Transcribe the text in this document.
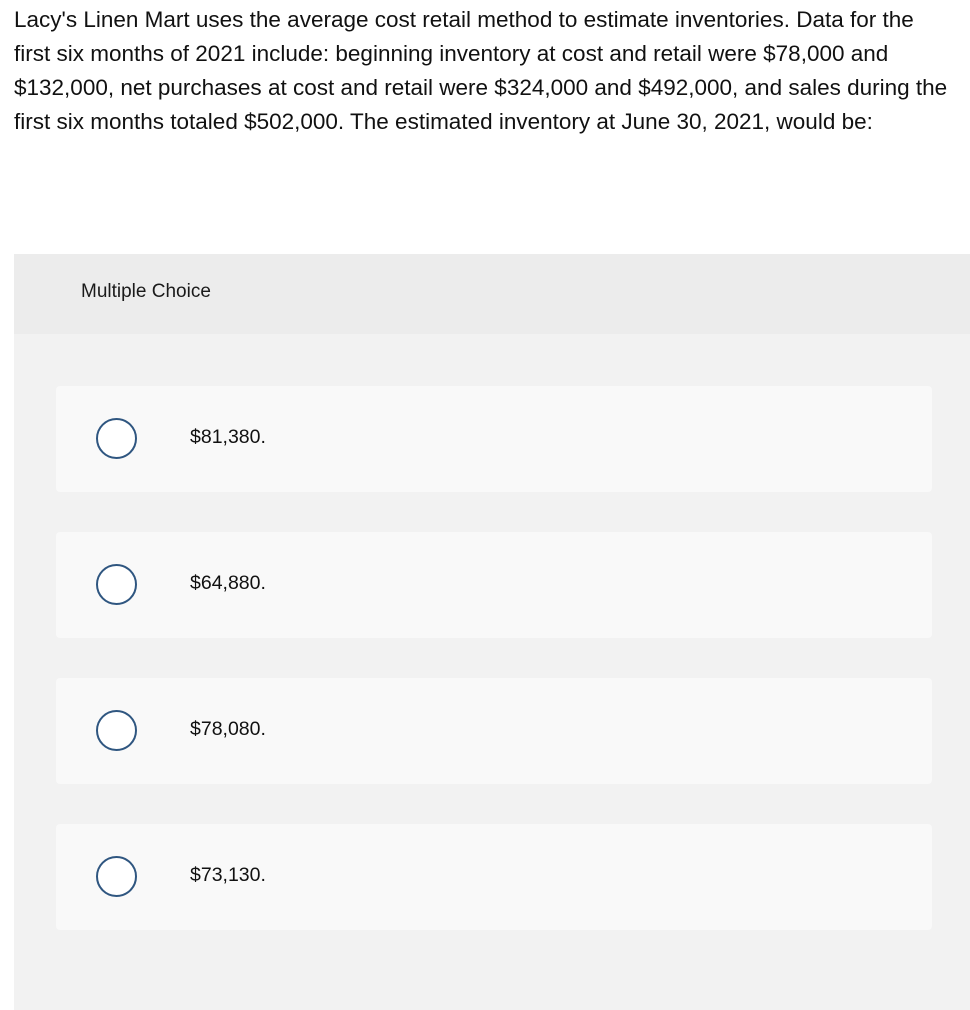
Lacy's Linen Mart uses the average cost retail method to estimate inventories. Data for the first six months of 2021 include: beginning inventory at cost and retail were $78,000 and $132,000, net purchases at cost and retail were $324,000 and $492,000, and sales during the first six months totaled $502,000. The estimated inventory at June 30, 2021, would be:

Multiple Choice
$81,380.
$64,880.
$78,080.
$73,130.
